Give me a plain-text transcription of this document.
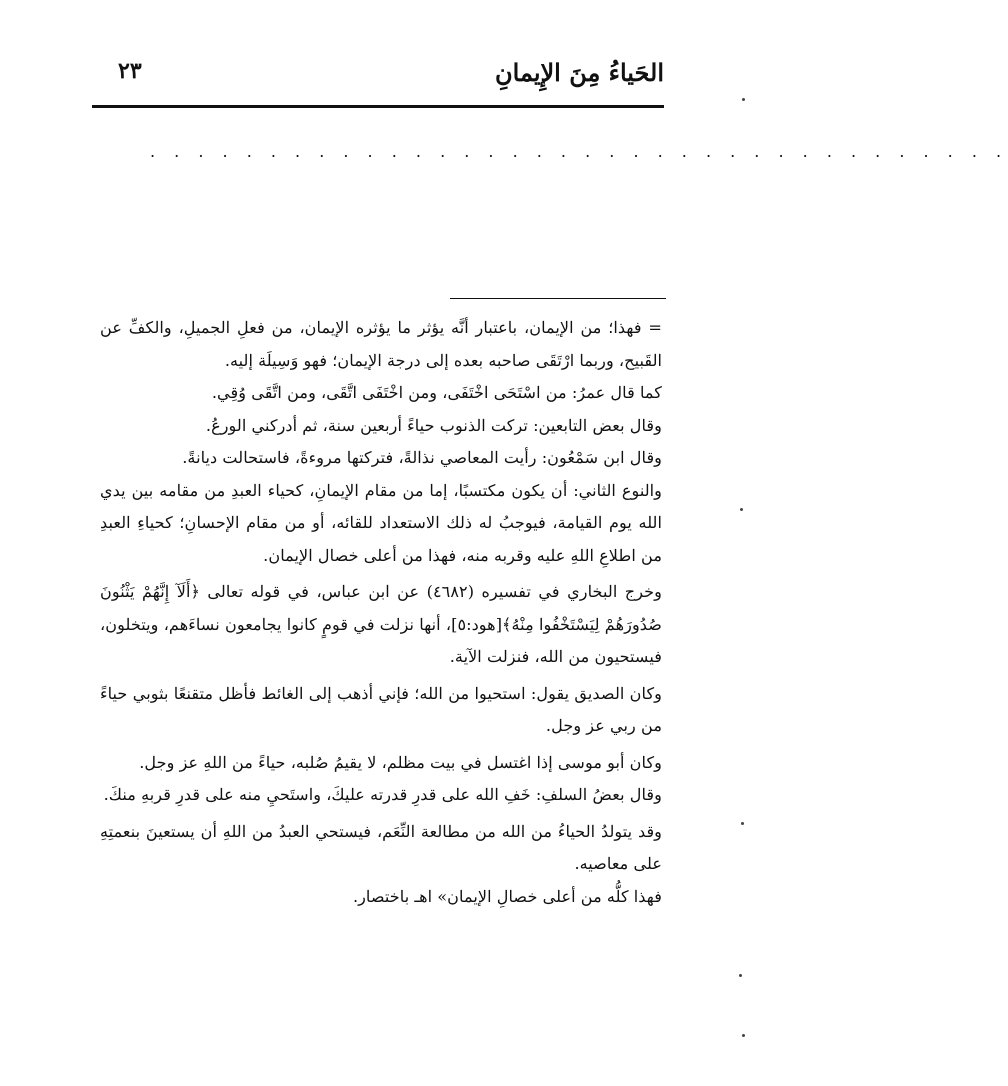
الحَياءُ مِنَ الإِيمانِ
٢٣
. . . . . . . . . . . . . . . . . . . . . . . . . . . . . . . . . . . .

= فهذا؛ من الإيمان، باعتبار أنَّه يؤثر ما يؤثره الإيمان، من فعلِ الجميلِ، والكفِّ عن القَبيح، وربما ارْتَقَى صاحبه بعده إلى درجة الإيمان؛ فهو وَسِيلَة إليه.

كما قال عمرُ: من اسْتَحَى اخْتَفَى، ومن اخْتَفَى اتَّقَى، ومن اتَّقَى وُقِي.

وقال بعض التابعين: تركت الذنوب حياءً أربعين سنة، ثم أدركني الورعُ.

وقال ابن سَمْعُون: رأيت المعاصي نذالةً، فتركتها مروءةً، فاستحالت ديانةً.

والنوع الثاني: أن يكون مكتسبًا، إما من مقام الإيمانِ، كحياء العبدِ من مقامه بين يدي الله يوم القيامة، فيوجبُ له ذلك الاستعداد للقائه، أو من مقام الإحسانِ؛ كحياءِ العبدِ من اطلاعِ اللهِ عليه وقربه منه، فهذا من أعلى خصال الإيمان.

وخرج البخاري في تفسيره (٤٦٨٢) عن ابن عباس، في قوله تعالى ﴿أَلَآ إِنَّهُمْ يَثْنُونَ صُدُورَهُمْ لِيَسْتَخْفُوا مِنْهُ﴾[هود:٥]، أنها نزلت في قومٍ كانوا يجامعون نساءَهم، ويتخلون، فيستحيون من الله، فنزلت الآية.

وكان الصديق يقول: استحيوا من الله؛ فإني أذهب إلى الغائط فأظل متقنعًا بثوبي حياءً من ربي عز وجل.

وكان أبو موسى إذا اغتسل في بيت مظلم، لا يقيمُ صُلبه، حياءً من اللهِ عز وجل.

وقال بعضُ السلفِ: خَفِ الله على قدرِ قدرته عليكَ، واستَحيِ منه على قدرِ قربهِ منكَ.

وقد يتولدُ الحياءُ من الله من مطالعة النِّعَم، فيستحي العبدُ من اللهِ أن يستعينَ بنعمتِهِ على معاصيه.

فهذا كلُّه من أعلى خصالِ الإيمان» اهـ باختصار.
